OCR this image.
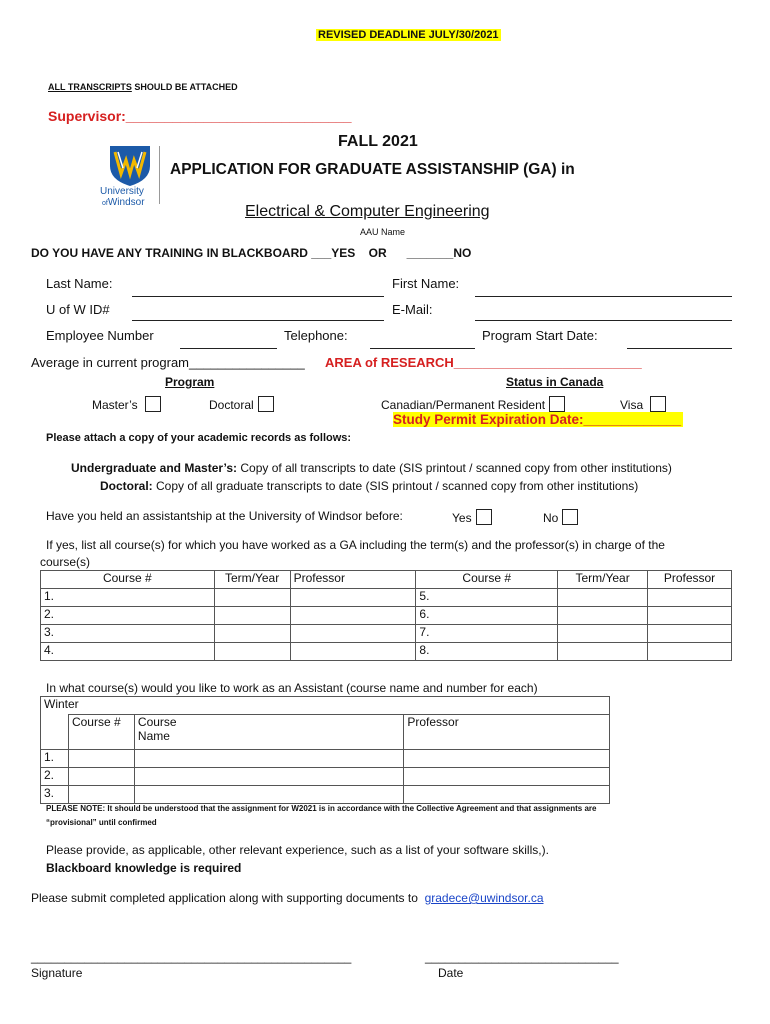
REVISED DEADLINE JULY/30/2021
ALL TRANSCRIPTS SHOULD BE ATTACHED
Supervisor:_____________________________
University
ofWindsor
FALL 2021
APPLICATION FOR GRADUATE ASSISTANSHIP (GA) in
Electrical & Computer Engineering
AAU Name
DO YOU HAVE ANY TRAINING IN BLACKBOARD ___YES    OR      _______NO
Last Name:	First Name:
U of W ID#	E-Mail:
Employee Number	Telephone:	Program Start Date:
Average in current program________________ AREA of RESEARCH__________________________
Program	Status in Canada
Master’s	Doctoral	Canadian/Permanent Resident	Visa
Study Permit Expiration Date:_____________
Please attach a copy of your academic records as follows:
Undergraduate and Master’s: Copy of all transcripts to date (SIS printout / scanned copy from other institutions)
Doctoral: Copy of all graduate transcripts to date (SIS printout / scanned copy from other institutions)
Have you held an assistantship at the University of Windsor before:	Yes	No
If yes, list all course(s) for which you have worked as a GA including the term(s) and the professor(s) in charge of the
course(s)
Course #	Term/Year	Professor	Course #	Term/Year	Professor
1.			5.		
2.			6.		
3.			7.		
4.			8.		
In what course(s) would you like to work as an Assistant (course name and number for each)
Winter			
	Course #	Course Name	Professor
1.			
2.			
3.			
PLEASE NOTE: It should be understood that the assignment for W2021 is in accordance with the Collective Agreement and that assignments are
“provisional” until confirmed
Please provide, as applicable, other relevant experience, such as a list of your software skills,).
Blackboard knowledge is required
Please submit completed application along with supporting documents to gradece@uwindsor.ca
________________________________________________
Signature
_____________________________
Date
